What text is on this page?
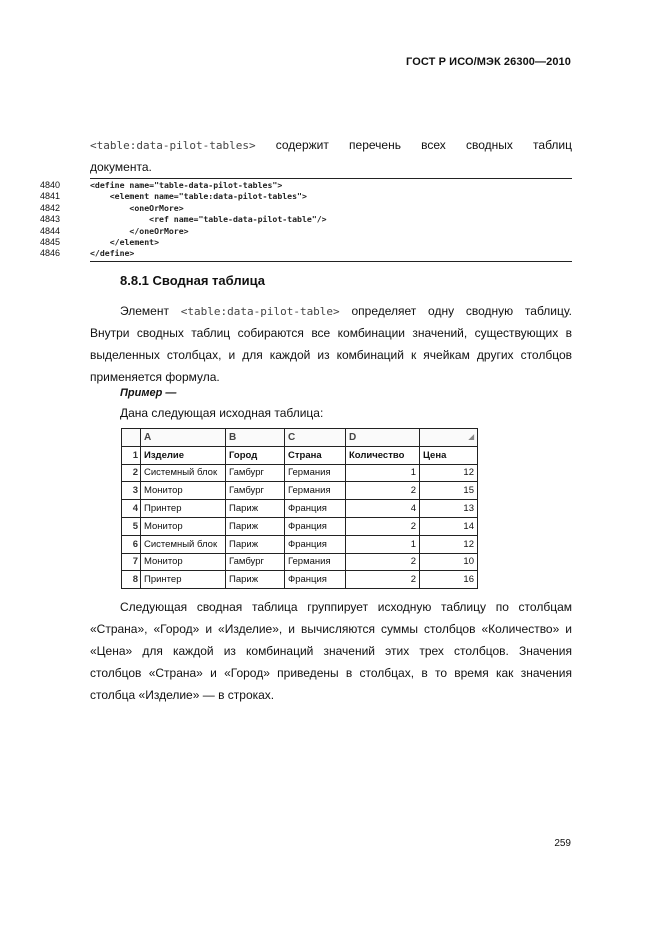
ГОСТ Р ИСО/МЭК 26300—2010
<table:data-pilot-tables> содержит перечень всех сводных таблиц
документа.
4840	<define name="table-data-pilot-tables">
4841	<element name="table:data-pilot-tables">
4842	<oneOrMore>
4843	<ref name="table-data-pilot-table"/>
4844	</oneOrMore>
4845	</element>
4846	</define>
8.8.1 Сводная таблица
Элемент <table:data-pilot-table> определяет одну сводную таблицу.
Внутри сводных таблиц собираются все комбинации значений, существующих в
выделенных столбцах, и для каждой из комбинаций к ячейкам других столбцов
применяется формула.
Пример —
Дана следующая исходная таблица:
	A	B	C	D	◢

1	Изделие	Город	Страна	Количество	Цена
2	Системный блок	Гамбург	Германия	1	12
3	Монитор	Гамбург	Германия	2	15
4	Принтер	Париж	Франция	4	13
5	Монитор	Париж	Франция	2	14
6	Системный блок	Париж	Франция	1	12
7	Монитор	Гамбург	Германия	2	10
8	Принтер	Париж	Франция	2	16
Следующая сводная таблица группирует исходную таблицу по столбцам
«Страна», «Город» и «Изделие», и вычисляются суммы столбцов «Количество» и
«Цена» для каждой из комбинаций значений этих трех столбцов. Значения
столбцов «Страна» и «Город» приведены в столбцах, в то время как значения
столбца «Изделие» — в строках.
259
